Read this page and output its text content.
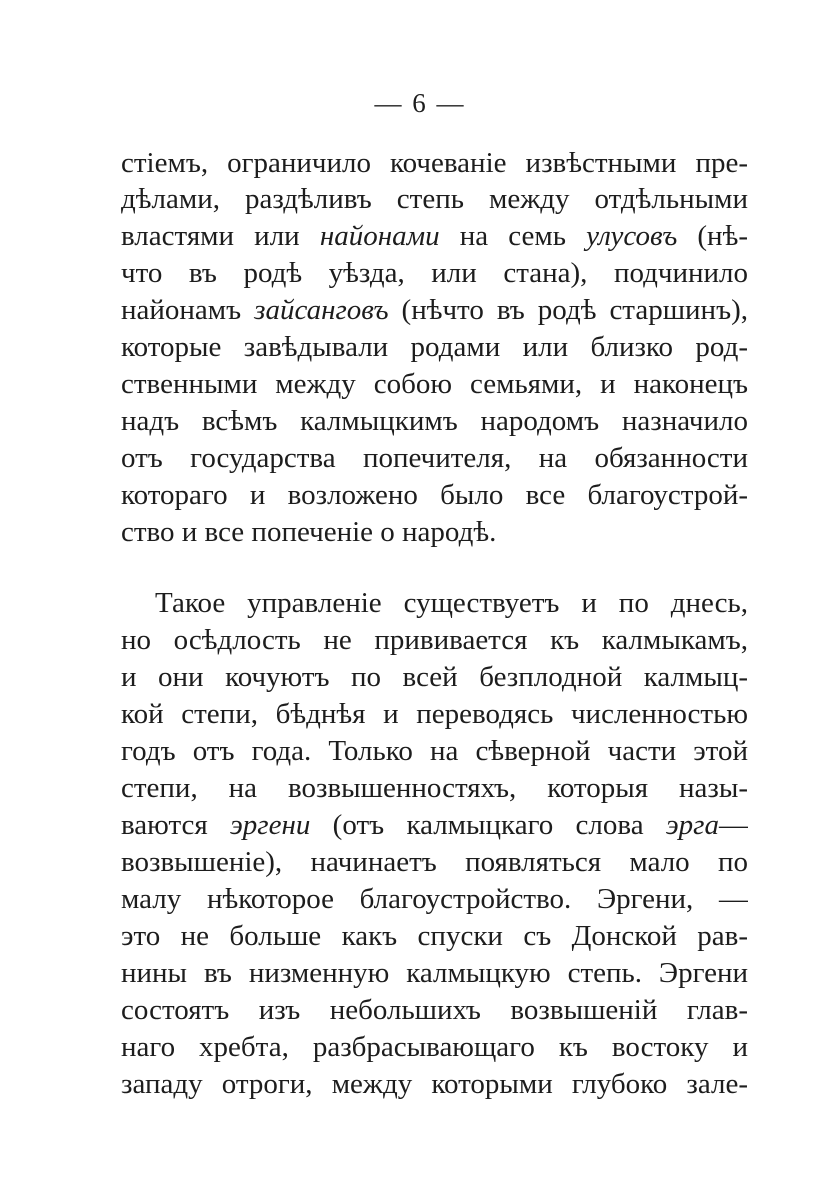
— 6 —
стіемъ, ограничило кочеваніе извѣстными пре-
дѣлами, раздѣливъ степь между отдѣльными
властями или найонами на семь улусовъ (нѣ-
что въ родѣ уѣзда, или стана), подчинило
найонамъ зайсанговъ (нѣчто въ родѣ старшинъ),
которые завѣдывали родами или близко род-
ственными между собою семьями, и наконецъ
надъ всѣмъ калмыцкимъ народомъ назначило
отъ государства попечителя, на обязанности
котораго и возложено было все благоустрой-
ство и все попеченіе о народѣ.
Такое управленіе существуетъ и по днесь,
но осѣдлость не прививается къ калмыкамъ,
и они кочуютъ по всей безплодной калмыц-
кой степи, бѣднѣя и переводясь численностью
годъ отъ года. Только на сѣверной части этой
степи, на возвышенностяхъ, которыя назы-
ваются эргени (отъ калмыцкаго слова эрга—
возвышеніе), начинаетъ появляться мало по
малу нѣкоторое благоустройство. Эргени, —
это не больше какъ спуски съ Донской рав-
нины въ низменную калмыцкую степь. Эргени
состоятъ изъ небольшихъ возвышеній глав-
наго хребта, разбрасывающаго къ востоку и
западу отроги, между которыми глубоко зале-
